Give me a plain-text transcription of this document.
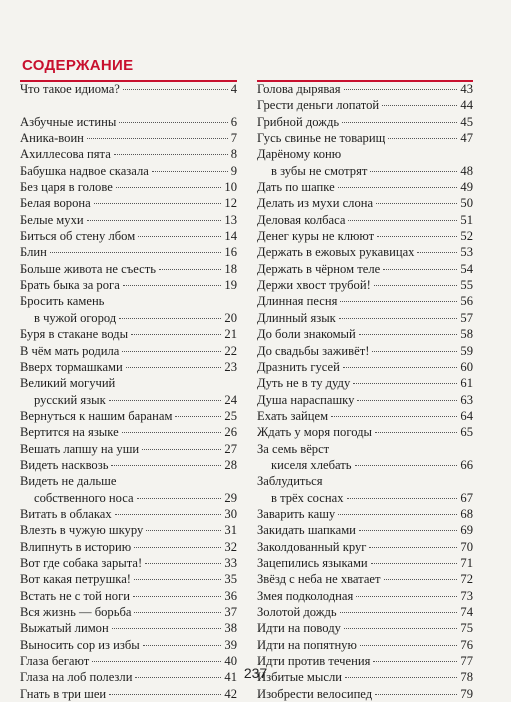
СОДЕРЖАНИЕ
Что такое идиома?	4
Азбучные истины	6
Аника-воин	7
Ахиллесова пята	8
Бабушка надвое сказала	9
Без царя в голове	10
Белая ворона	12
Белые мухи	13
Биться об стену лбом	14
Блин	16
Больше живота не съесть	18
Брать быка за рога	19
Бросить камень
в чужой огород	20
Буря в стакане воды	21
В чём мать родила	22
Вверх тормашками	23
Великий могучий
русский язык	24
Вернуться к нашим баранам	25
Вертится на языке	26
Вешать лапшу на уши	27
Видеть насквозь	28
Видеть не дальше
собственного носа	29
Витать в облаках	30
Влезть в чужую шкуру	31
Влипнуть в историю	32
Вот где собака зарыта!	33
Вот какая петрушка!	35
Встать не с той ноги	36
Вся жизнь — борьба	37
Выжатый лимон	38
Выносить сор из избы	39
Глаза бегают	40
Глаза на лоб полезли	41
Гнать в три шеи	42
Голова дырявая	43
Грести деньги лопатой	44
Грибной дождь	45
Гусь свинье не товарищ	47
Дарёному коню
в зубы не смотрят	48
Дать по шапке	49
Делать из мухи слона	50
Деловая колбаса	51
Денег куры не клюют	52
Держать в ежовых рукавицах	53
Держать в чёрном теле	54
Держи хвост трубой!	55
Длинная песня	56
Длинный язык	57
До боли знакомый	58
До свадьбы заживёт!	59
Дразнить гусей	60
Дуть не в ту дуду	61
Душа нараспашку	63
Ехать зайцем	64
Ждать у моря погоды	65
За семь вёрст
киселя хлебать	66
Заблудиться
в трёх соснах	67
Заварить кашу	68
Закидать шапками	69
Заколдованный круг	70
Зацепились языками	71
Звёзд с неба не хватает	72
Змея подколодная	73
Золотой дождь	74
Идти на поводу	75
Идти на попятную	76
Идти против течения	77
Избитые мысли	78
Изобрести велосипед	79
237
